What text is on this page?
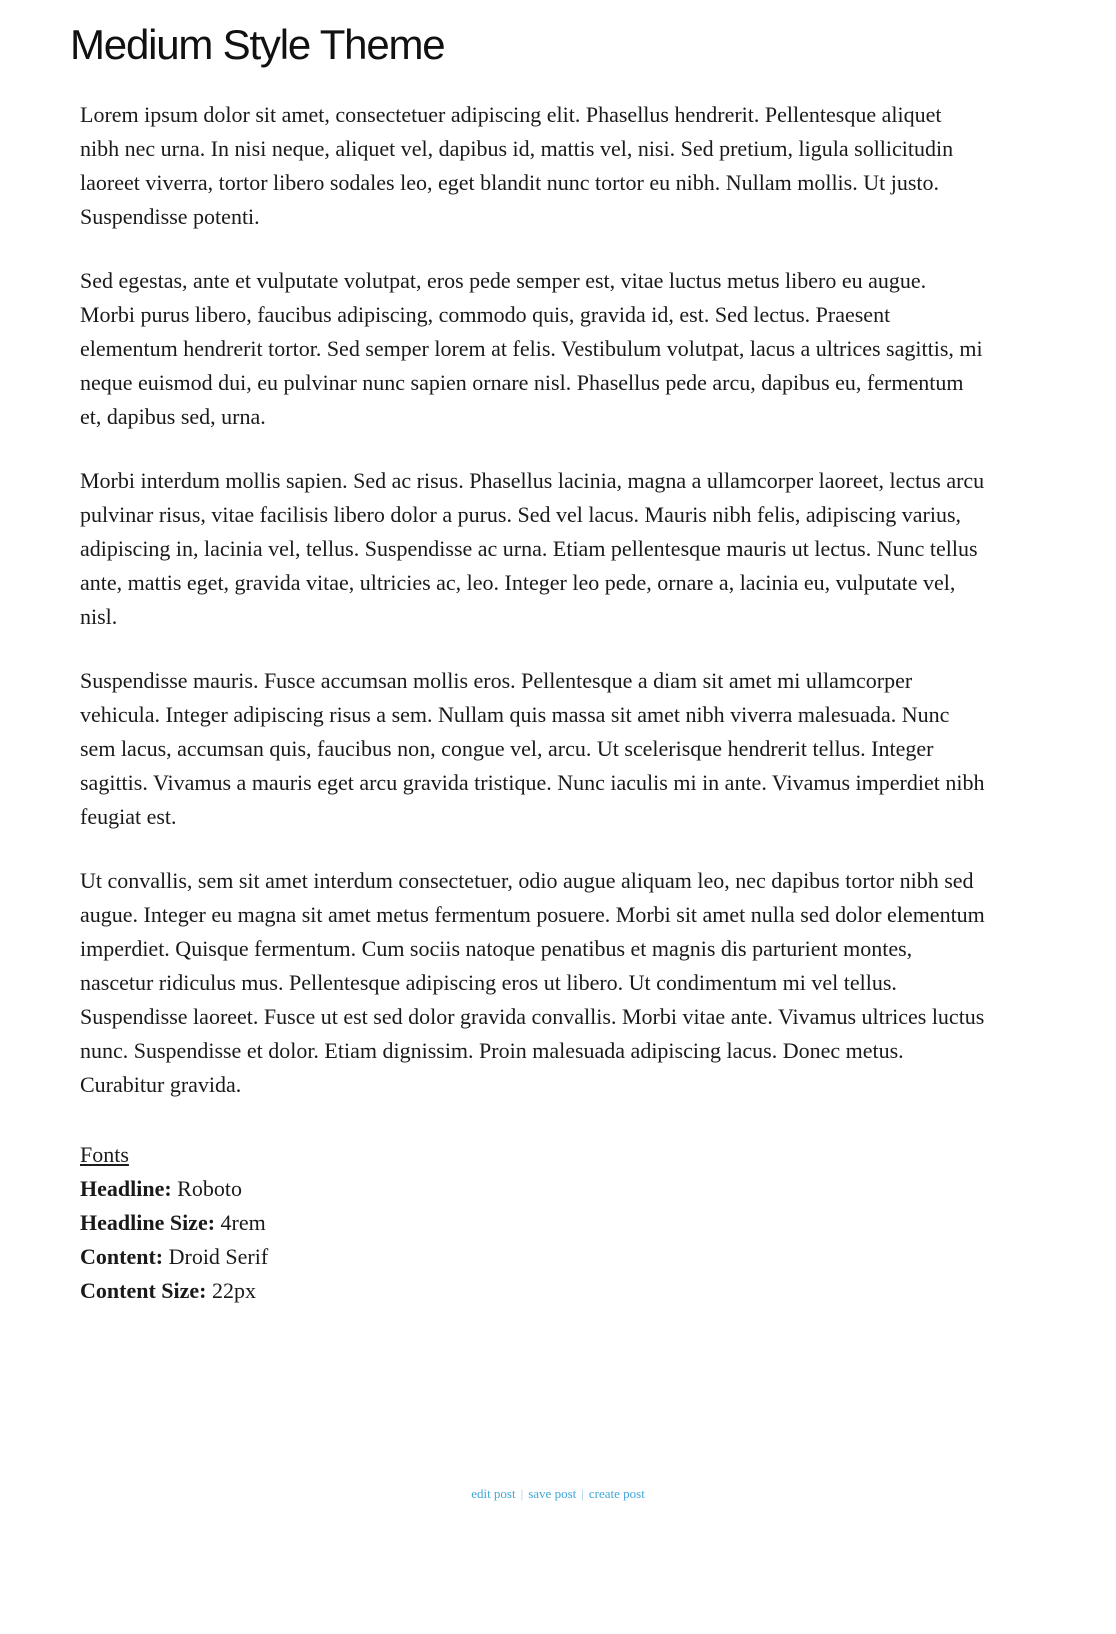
Medium Style Theme

Lorem ipsum dolor sit amet, consectetuer adipiscing elit. Phasellus hendrerit. Pellentesque aliquet nibh nec urna. In nisi neque, aliquet vel, dapibus id, mattis vel, nisi. Sed pretium, ligula sollicitudin laoreet viverra, tortor libero sodales leo, eget blandit nunc tortor eu nibh. Nullam mollis. Ut justo. Suspendisse potenti.

Sed egestas, ante et vulputate volutpat, eros pede semper est, vitae luctus metus libero eu augue. Morbi purus libero, faucibus adipiscing, commodo quis, gravida id, est. Sed lectus. Praesent elementum hendrerit tortor. Sed semper lorem at felis. Vestibulum volutpat, lacus a ultrices sagittis, mi neque euismod dui, eu pulvinar nunc sapien ornare nisl. Phasellus pede arcu, dapibus eu, fermentum et, dapibus sed, urna.

Morbi interdum mollis sapien. Sed ac risus. Phasellus lacinia, magna a ullamcorper laoreet, lectus arcu pulvinar risus, vitae facilisis libero dolor a purus. Sed vel lacus. Mauris nibh felis, adipiscing varius, adipiscing in, lacinia vel, tellus. Suspendisse ac urna. Etiam pellentesque mauris ut lectus. Nunc tellus ante, mattis eget, gravida vitae, ultricies ac, leo. Integer leo pede, ornare a, lacinia eu, vulputate vel, nisl.

Suspendisse mauris. Fusce accumsan mollis eros. Pellentesque a diam sit amet mi ullamcorper vehicula. Integer adipiscing risus a sem. Nullam quis massa sit amet nibh viverra malesuada. Nunc sem lacus, accumsan quis, faucibus non, congue vel, arcu. Ut scelerisque hendrerit tellus. Integer sagittis. Vivamus a mauris eget arcu gravida tristique. Nunc iaculis mi in ante. Vivamus imperdiet nibh feugiat est.

Ut convallis, sem sit amet interdum consectetuer, odio augue aliquam leo, nec dapibus tortor nibh sed augue. Integer eu magna sit amet metus fermentum posuere. Morbi sit amet nulla sed dolor elementum imperdiet. Quisque fermentum. Cum sociis natoque penatibus et magnis dis parturient montes, nascetur ridiculus mus. Pellentesque adipiscing eros ut libero. Ut condimentum mi vel tellus. Suspendisse laoreet. Fusce ut est sed dolor gravida convallis. Morbi vitae ante. Vivamus ultrices luctus nunc. Suspendisse et dolor. Etiam dignissim. Proin malesuada adipiscing lacus. Donec metus. Curabitur gravida.

Fonts
Headline: Roboto
Headline Size: 4rem
Content: Droid Serif
Content Size: 22px
edit post | save post | create post
